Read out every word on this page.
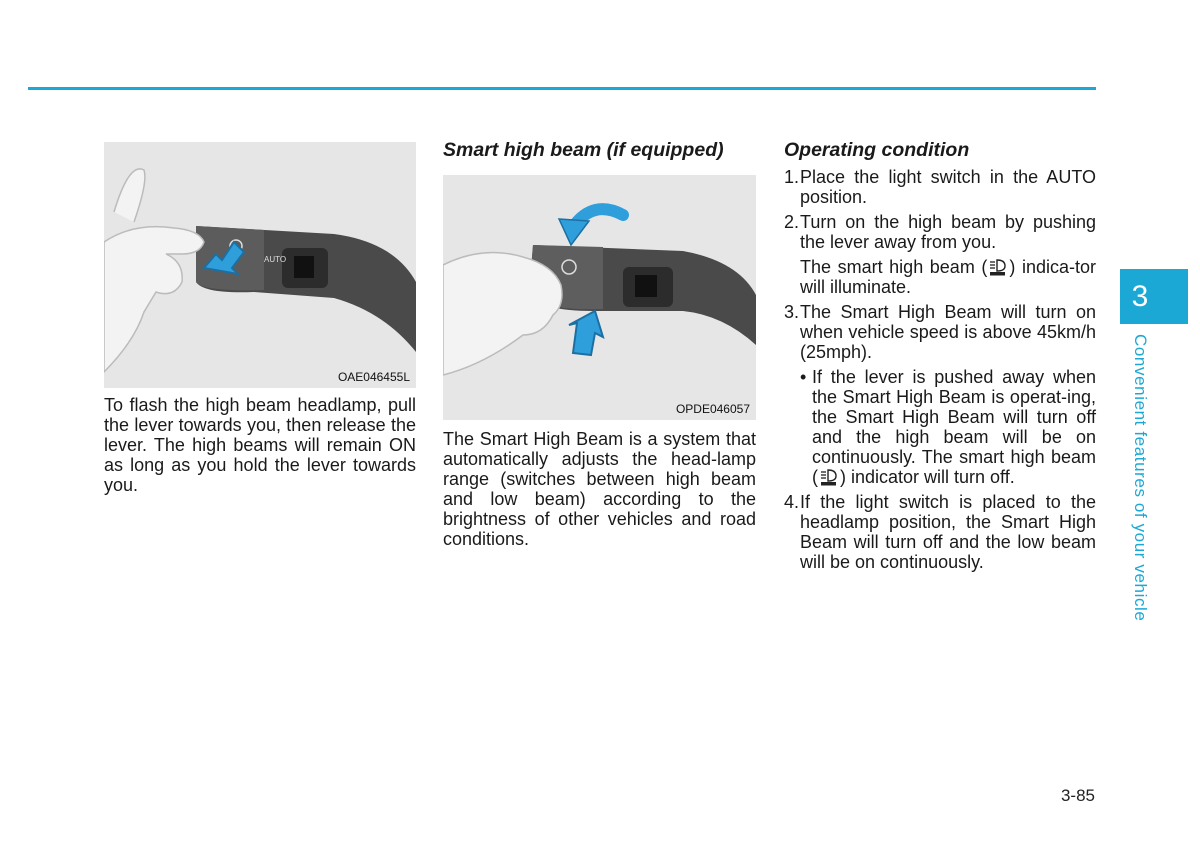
AUTO
OAE046455L

To flash the high beam headlamp, pull the lever towards you, then release the lever. The high beams will remain ON as long as you hold the lever towards you.

Smart high beam (if equipped)

OPDE046057

The Smart High Beam is a system that automatically adjusts the head-lamp range (switches between high beam and low beam) according to the brightness of other vehicles and road conditions.

Operating condition

1. Place the light switch in the AUTO position.
2. Turn on the high beam by pushing the lever away from you.
The smart high beam ( ) indica-tor will illuminate.
3. The Smart High Beam will turn on when vehicle speed is above 45km/h (25mph).
• If the lever is pushed away when the Smart High Beam is operat-ing, the Smart High Beam will turn off and the high beam will be on continuously. The smart high beam ( ) indicator will turn off.
4. If the light switch is placed to the headlamp position, the Smart High Beam will turn off and the low beam will be on continuously.
3
Convenient features of your vehicle
3-85
